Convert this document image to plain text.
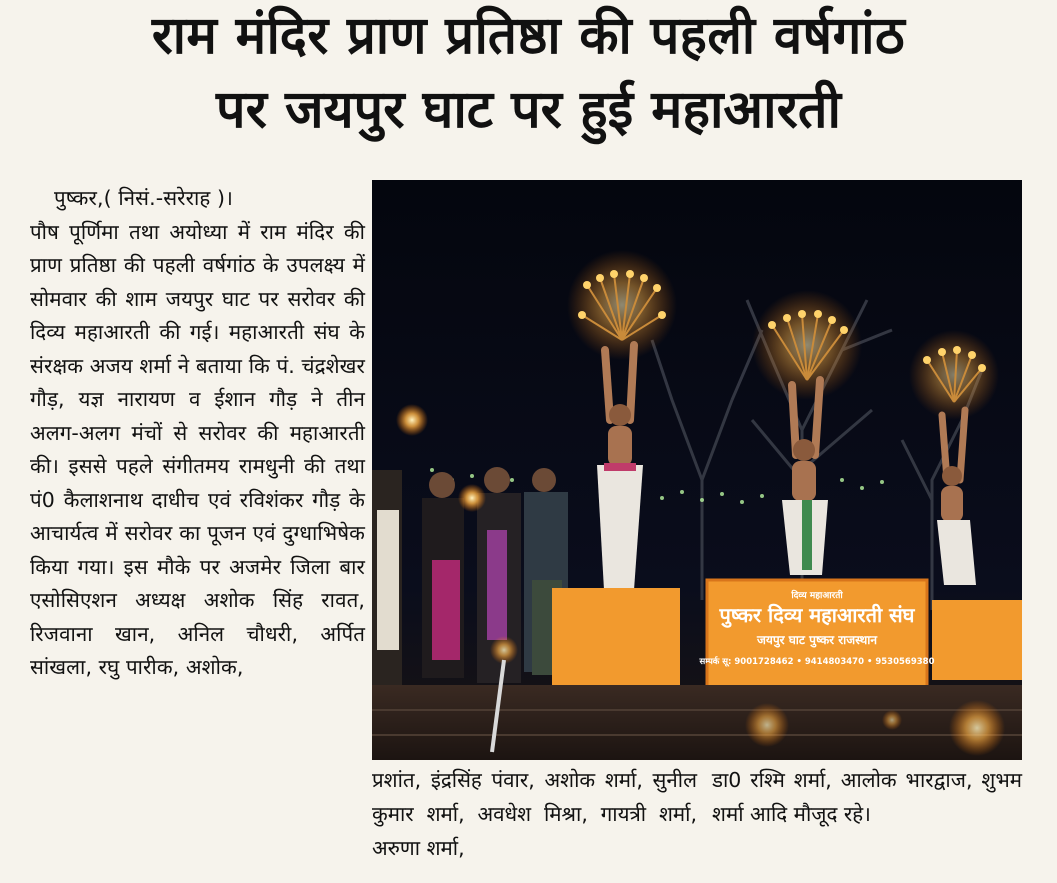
राम मंदिर प्राण प्रतिष्ठा की पहली वर्षगांठ
पर जयपुर घाट पर हुई महाआरती

पुष्कर,( निसं.-सरेराह )।
पौष पूर्णिमा तथा अयोध्या में राम मंदिर की प्राण प्रतिष्ठा की पहली वर्षगांठ के उपलक्ष्य में सोमवार की शाम जयपुर घाट पर सरोवर की दिव्य महाआरती की गई। महाआरती संघ के संरक्षक अजय शर्मा ने बताया कि पं. चंद्रशेखर गौड़, यज्ञ नारायण व ईशान गौड़ ने तीन अलग-अलग मंचों से सरोवर की महाआरती की। इससे पहले संगीतमय रामधुनी की तथा पं0 कैलाशनाथ दाधीच एवं रविशंकर गौड़ के आचार्यत्व में सरोवर का पूजन एवं दुग्धाभिषेक किया गया। इस मौके पर अजमेर जिला बार एसोसिएशन अध्यक्ष अशोक सिंह रावत, रिजवाना खान, अनिल चौधरी, अर्पित सांखला, रघु पारीक, अशोक,

दिव्य महाआरती
पुष्कर दिव्य महाआरती संघ
जयपुर घाट पुष्कर राजस्थान
सम्पर्क सू: 9001728462 • 9414803470 • 9530569380
प्रशांत, इंद्रसिंह पंवार, अशोक शर्मा, सुनील कुमार शर्मा, अवधेश मिश्रा, गायत्री शर्मा, अरुणा शर्मा,
डा0 रश्मि शर्मा, आलोक भारद्वाज, शुभम शर्मा आदि मौजूद रहे।
